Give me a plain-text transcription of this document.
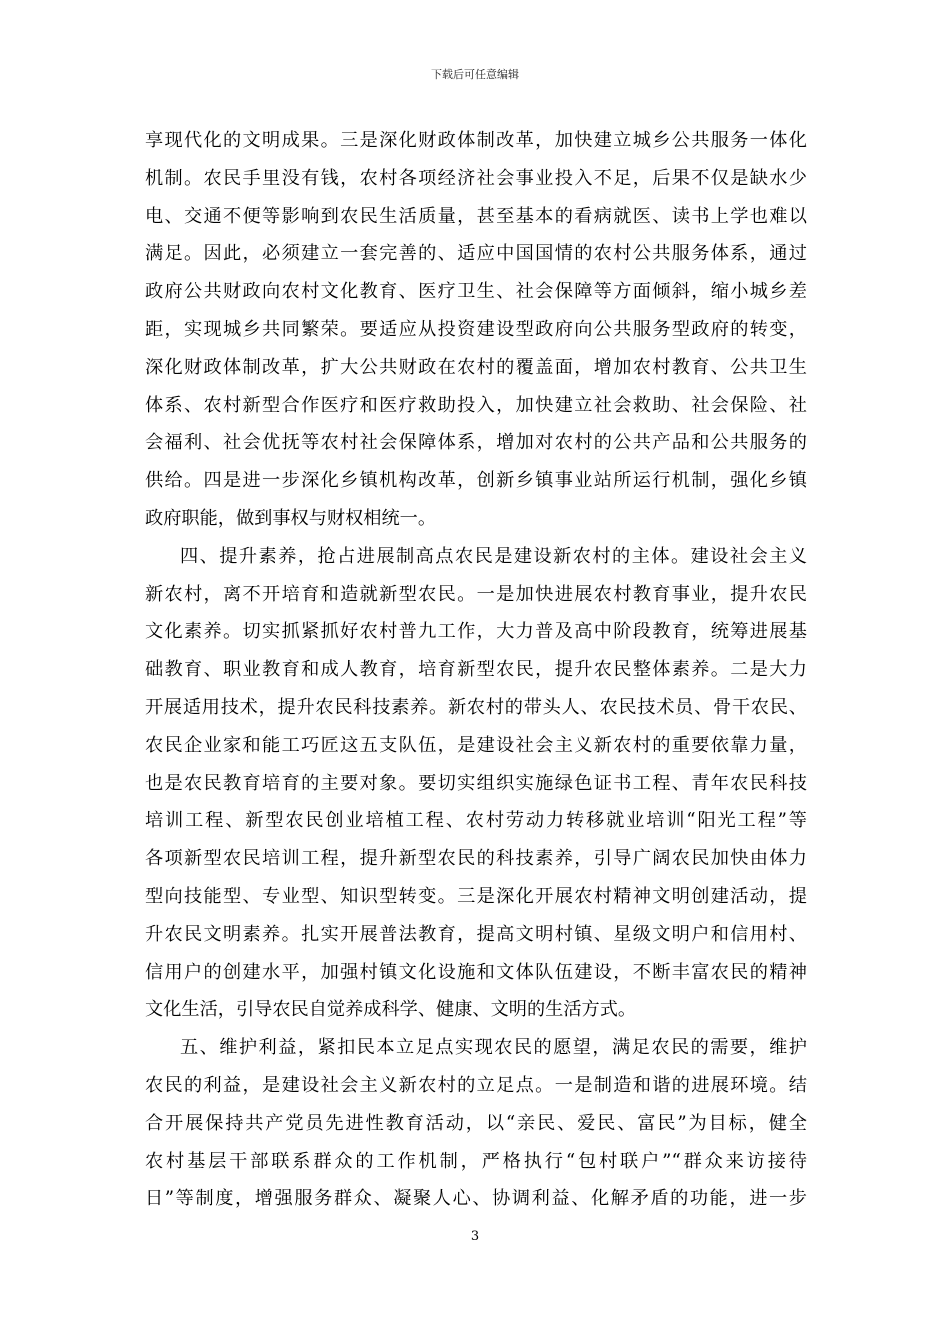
下载后可任意编辑
享现代化的文明成果。三是深化财政体制改革，加快建立城乡公共服务一体化
机制。农民手里没有钱，农村各项经济社会事业投入不足，后果不仅是缺水少
电、交通不便等影响到农民生活质量，甚至基本的看病就医、读书上学也难以
满足。因此，必须建立一套完善的、适应中国国情的农村公共服务体系，通过
政府公共财政向农村文化教育、医疗卫生、社会保障等方面倾斜，缩小城乡差
距，实现城乡共同繁荣。要适应从投资建设型政府向公共服务型政府的转变，
深化财政体制改革，扩大公共财政在农村的覆盖面，增加农村教育、公共卫生
体系、农村新型合作医疗和医疗救助投入，加快建立社会救助、社会保险、社
会福利、社会优抚等农村社会保障体系，增加对农村的公共产品和公共服务的
供给。四是进一步深化乡镇机构改革，创新乡镇事业站所运行机制，强化乡镇
政府职能，做到事权与财权相统一。
四、提升素养，抢占进展制高点农民是建设新农村的主体。建设社会主义
新农村，离不开培育和造就新型农民。一是加快进展农村教育事业，提升农民
文化素养。切实抓紧抓好农村普九工作，大力普及高中阶段教育，统筹进展基
础教育、职业教育和成人教育，培育新型农民，提升农民整体素养。二是大力
开展适用技术，提升农民科技素养。新农村的带头人、农民技术员、骨干农民、
农民企业家和能工巧匠这五支队伍，是建设社会主义新农村的重要依靠力量，
也是农民教育培育的主要对象。要切实组织实施绿色证书工程、青年农民科技
培训工程、新型农民创业培植工程、农村劳动力转移就业培训“阳光工程”等
各项新型农民培训工程，提升新型农民的科技素养，引导广阔农民加快由体力
型向技能型、专业型、知识型转变。三是深化开展农村精神文明创建活动，提
升农民文明素养。扎实开展普法教育，提高文明村镇、星级文明户和信用村、
信用户的创建水平，加强村镇文化设施和文体队伍建设，不断丰富农民的精神
文化生活，引导农民自觉养成科学、健康、文明的生活方式。
五、维护利益，紧扣民本立足点实现农民的愿望，满足农民的需要，维护
农民的利益，是建设社会主义新农村的立足点。一是制造和谐的进展环境。结
合开展保持共产党员先进性教育活动，以“亲民、爱民、富民”为目标，健全
农村基层干部联系群众的工作机制，严格执行“包村联户”“群众来访接待
日”等制度，增强服务群众、凝聚人心、协调利益、化解矛盾的功能，进一步
3
